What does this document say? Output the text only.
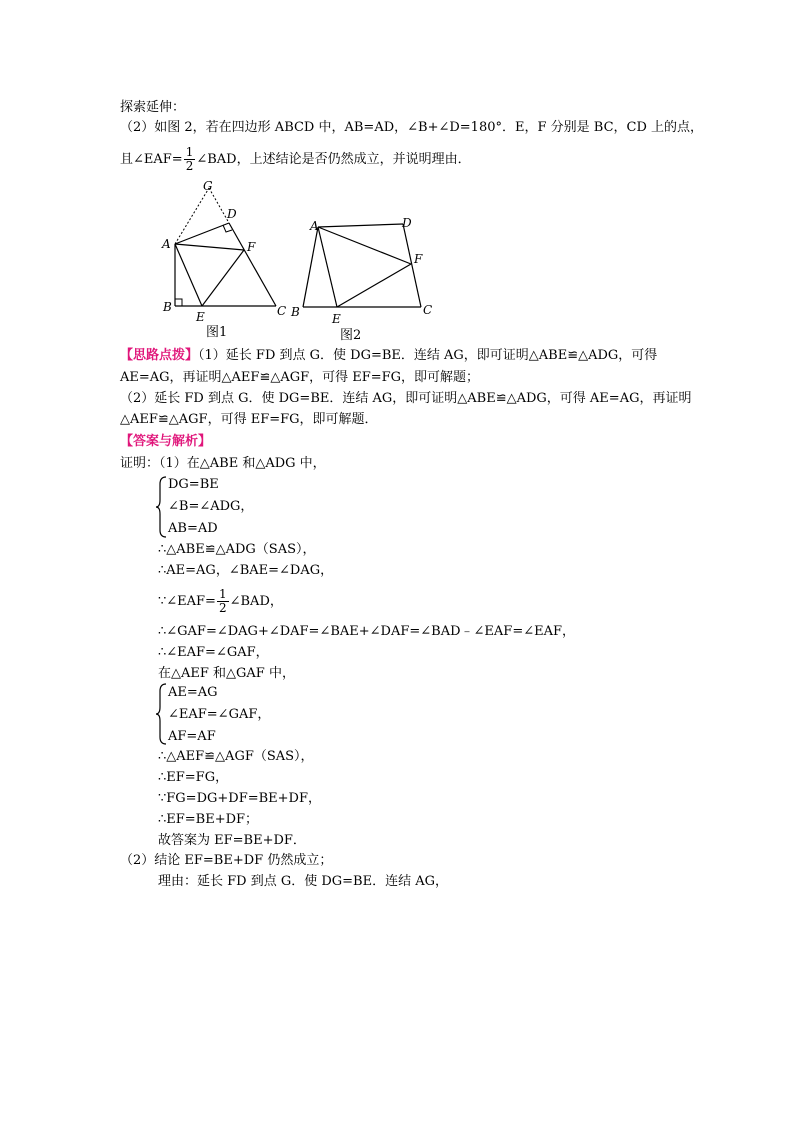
探索延伸：
（2）如图 2，若在四边形 ABCD 中，AB=AD，∠B+∠D=180°．E，F 分别是 BC，CD 上的点，
且∠EAF= $\frac{1}{2}$ ∠BAD，上述结论是否仍然成立，并说明理由．
G
D
A	F
B
E	C
图1
A	D
F
B	E
C
图2
【思路点拨】（1）延长 FD 到点 G．使 DG=BE．连结 AG，即可证明△ABE≌△ADG，可得
AE=AG，再证明△AEF≌△AGF，可得 EF=FG，即可解题；
（2）延长 FD 到点 G．使 DG=BE．连结 AG，即可证明△ABE≌△ADG，可得 AE=AG，再证明
△AEF≌△AGF，可得 EF=FG，即可解题．
【答案与解析】
证明：（1）在△ABE 和△ADG 中，
DG=BE
∠B=∠ADG，
AB=AD
∴△ABE≌△ADG（SAS），
∴AE=AG，∠BAE=∠DAG，
∵∠EAF= $\frac{1}{2}$ ∠BAD，
∴∠GAF=∠DAG+∠DAF=∠BAE+∠DAF=∠BAD﹣∠EAF=∠EAF，
∴∠EAF=∠GAF，
在△AEF 和△GAF 中，
AE=AG
∠EAF=∠GAF，
AF=AF
∴△AEF≌△AGF（SAS），
∴EF=FG，
∵FG=DG+DF=BE+DF，
∴EF=BE+DF；
故答案为 EF=BE+DF．
（2）结论 EF=BE+DF 仍然成立；
理由：延长 FD 到点 G．使 DG=BE．连结 AG，
